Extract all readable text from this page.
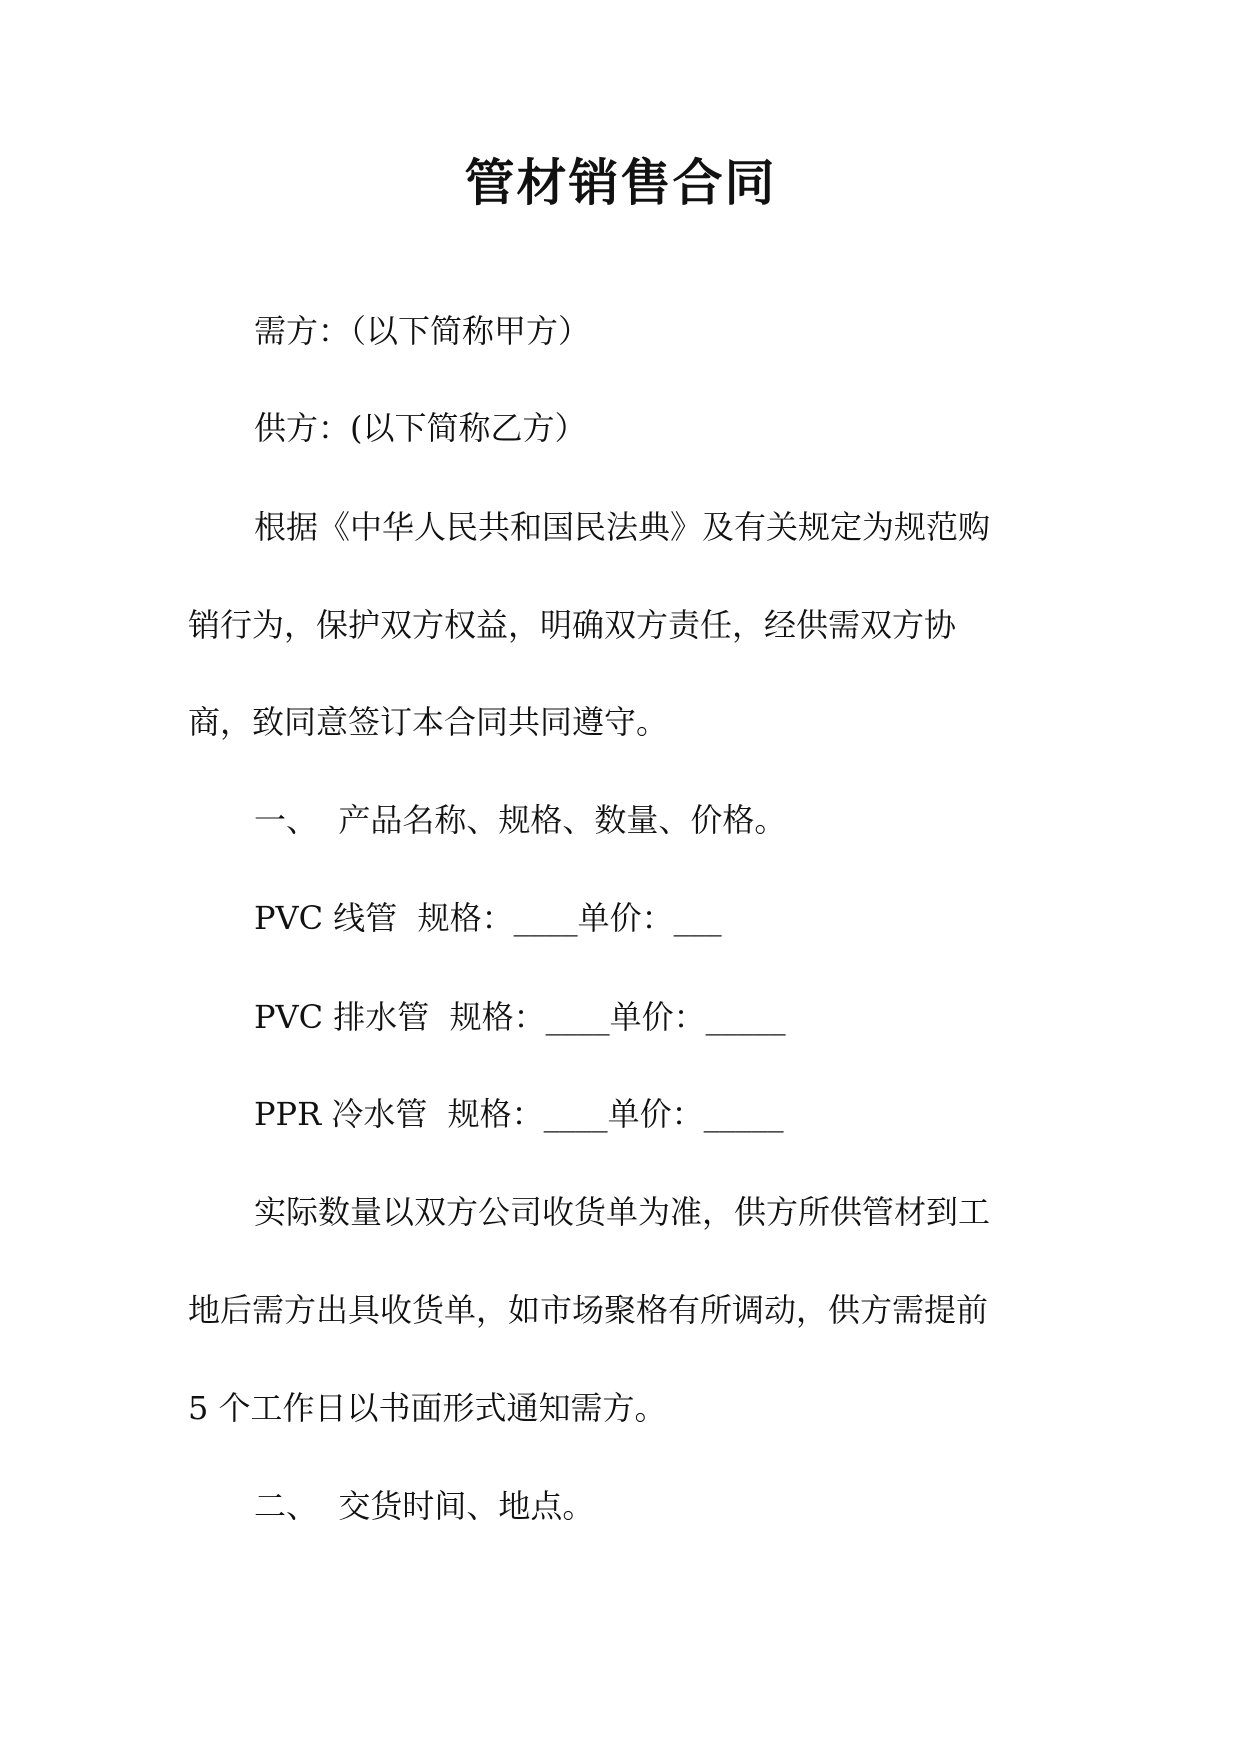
管材销售合同

需方：（以下简称甲方）

供方：(以下简称乙方）

根据《中华人民共和国民法典》及有关规定为规范购

销行为，保护双方权益，明确双方责任，经供需双方协

商，致同意签订本合同共同遵守。

一、  产品名称、规格、数量、价格。

PVC 线管  规格：____单价：___

PVC 排水管  规格：____单价：_____

PPR 冷水管  规格：____单价：_____

实际数量以双方公司收货单为准，供方所供管材到工

地后需方出具收货单，如市场聚格有所调动，供方需提前

5 个工作日以书面形式通知需方。

二、  交货时间、地点。
